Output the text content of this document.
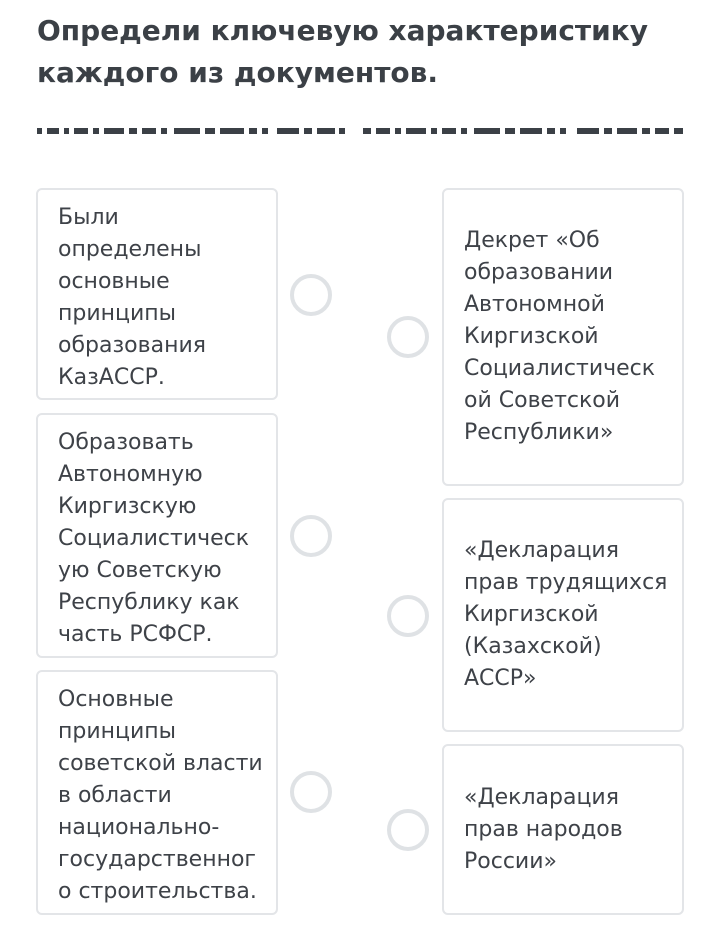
Определи ключевую характеристику каждого из документов.
Были
определены
основные
принципы
образования
КазАССР.
Образовать
Автономную
Киргизскую
Социалистическ
ую Советскую
Республику как
часть РСФСР.
Основные
принципы
советской власти
в области
национально-
государственног
о строительства.
Декрет «Об
образовании
Автономной
Киргизской
Социалистическ
ой Советской
Республики»
«Декларация
прав трудящихся
Киргизской
(Казахской)
АССР»
«Декларация
прав народов
России»
